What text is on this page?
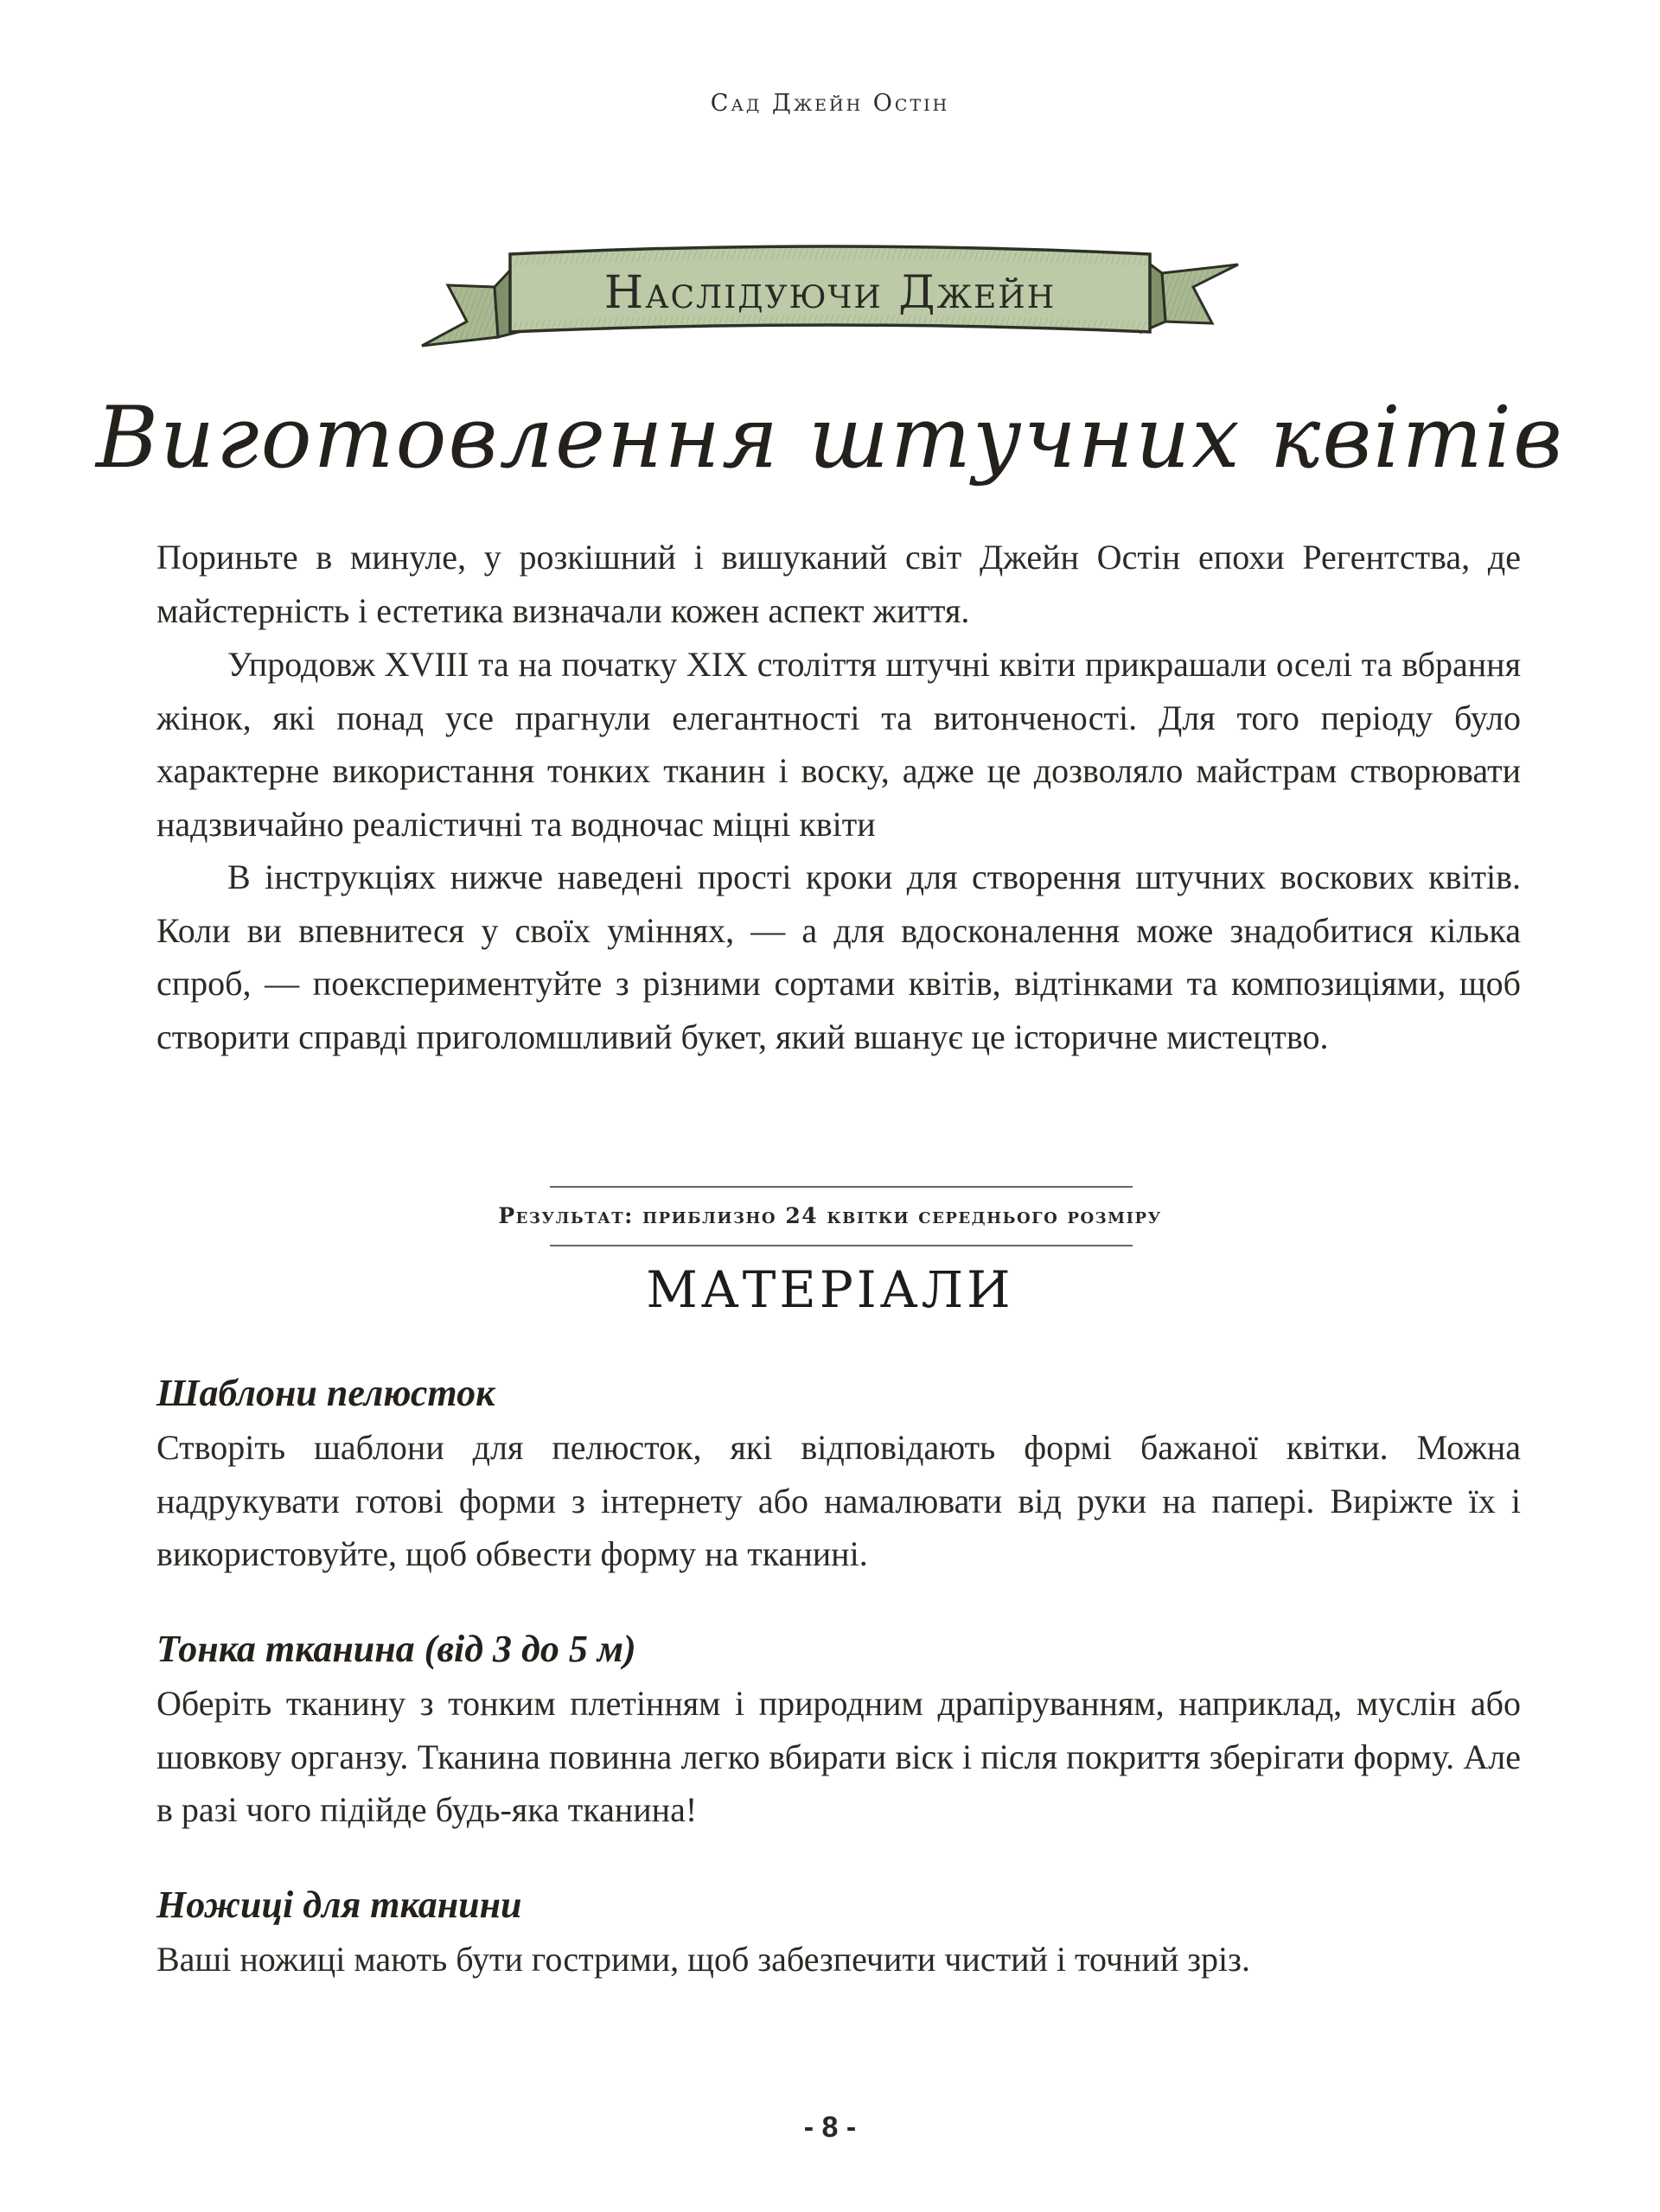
Сад Джейн Остін
Наслідуючи Джейн
Виготовлення штучних квітів

Пориньте в минуле, у розкішний і вишуканий світ Джейн Остін епохи Регентства, де майстерність і естетика визначали кожен аспект життя.

Упродовж XVIII та на початку XIX століття штучні квіти прикрашали оселі та вбрання жінок, які понад усе прагнули елегантності та витонченості. Для того періоду було характерне використання тонких тканин і воску, адже це дозволяло майстрам створювати надзвичайно реалістичні та водночас міцні квіти

В інструкціях нижче наведені прості кроки для створення штучних воскових квітів. Коли ви впевнитеся у своїх уміннях, — а для вдосконалення може знадобитися кілька спроб, — поекспериментуйте з різними сортами квітів, відтінками та композиціями, щоб створити справді приголомшливий букет, який вшанує це історичне мистецтво.

Результат: приблизно 24 квітки середнього розміру
МАТЕРІАЛИ
Шаблони пелюсток

Створіть шаблони для пелюсток, які відповідають формі бажаної квітки. Можна надрукувати готові форми з інтернету або намалювати від руки на папері. Виріжте їх і використовуйте, щоб обвести форму на тканині.

Тонка тканина (від 3 до 5 м)

Оберіть тканину з тонким плетінням і природним драпіруванням, наприклад, муслін або шовкову органзу. Тканина повинна легко вбирати віск і після покриття зберігати форму. Але в разі чого підійде будь-яка тканина!

Ножиці для тканини

Ваші ножиці мають бути гострими, щоб забезпечити чистий і точний зріз.

- 8 -
